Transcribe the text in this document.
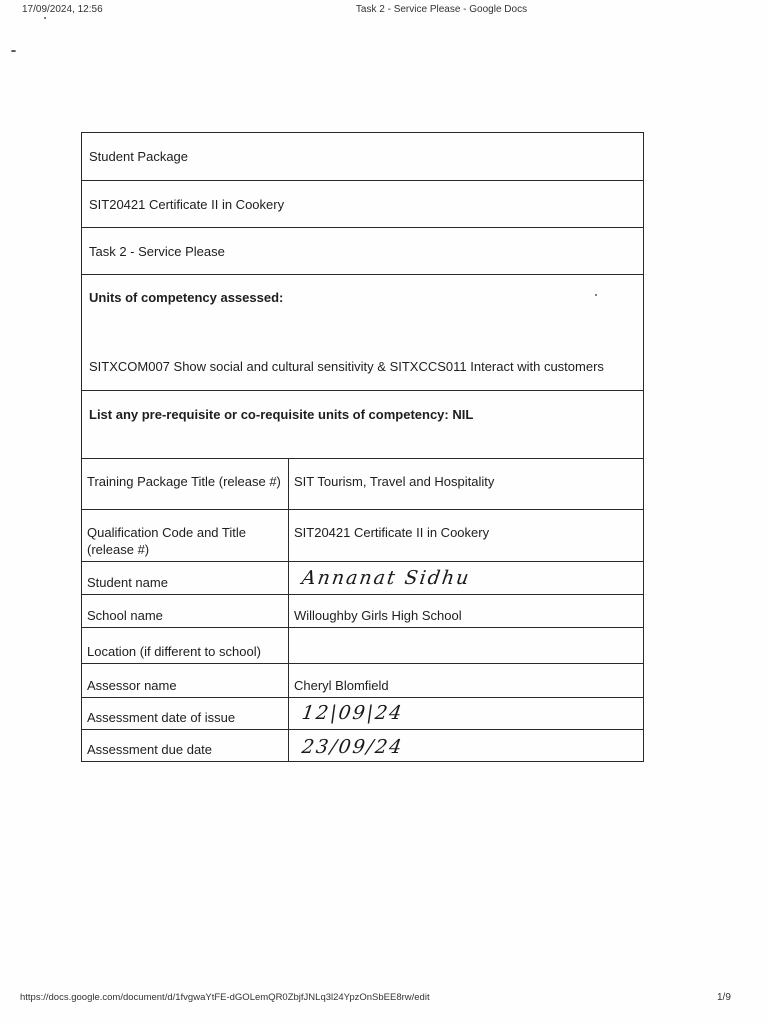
17/09/2024, 12:56	Task 2 - Service Please - Google Docs
Student Package
SIT20421 Certificate II in Cookery
Task 2 - Service Please
Units of competency assessed:
SITXCOM007 Show social and cultural sensitivity & SITXCCS011 Interact with customers

List any pre-requisite or co-requisite units of competency: NIL
Training Package Title (release #)	SIT Tourism, Travel and Hospitality
Qualification Code and Title (release #)	SIT20421 Certificate II in Cookery
Student name	Annanat Sidhu
School name	Willoughby Girls High School
Location (if different to school)	
Assessor name	Cheryl Blomfield
Assessment date of issue	12|09|24
Assessment due date	23/09/24
https://docs.google.com/document/d/1fvgwaYtFE-dGOLemQR0ZbjfJNLq3l24YpzOnSbEE8rw/edit	1/9
